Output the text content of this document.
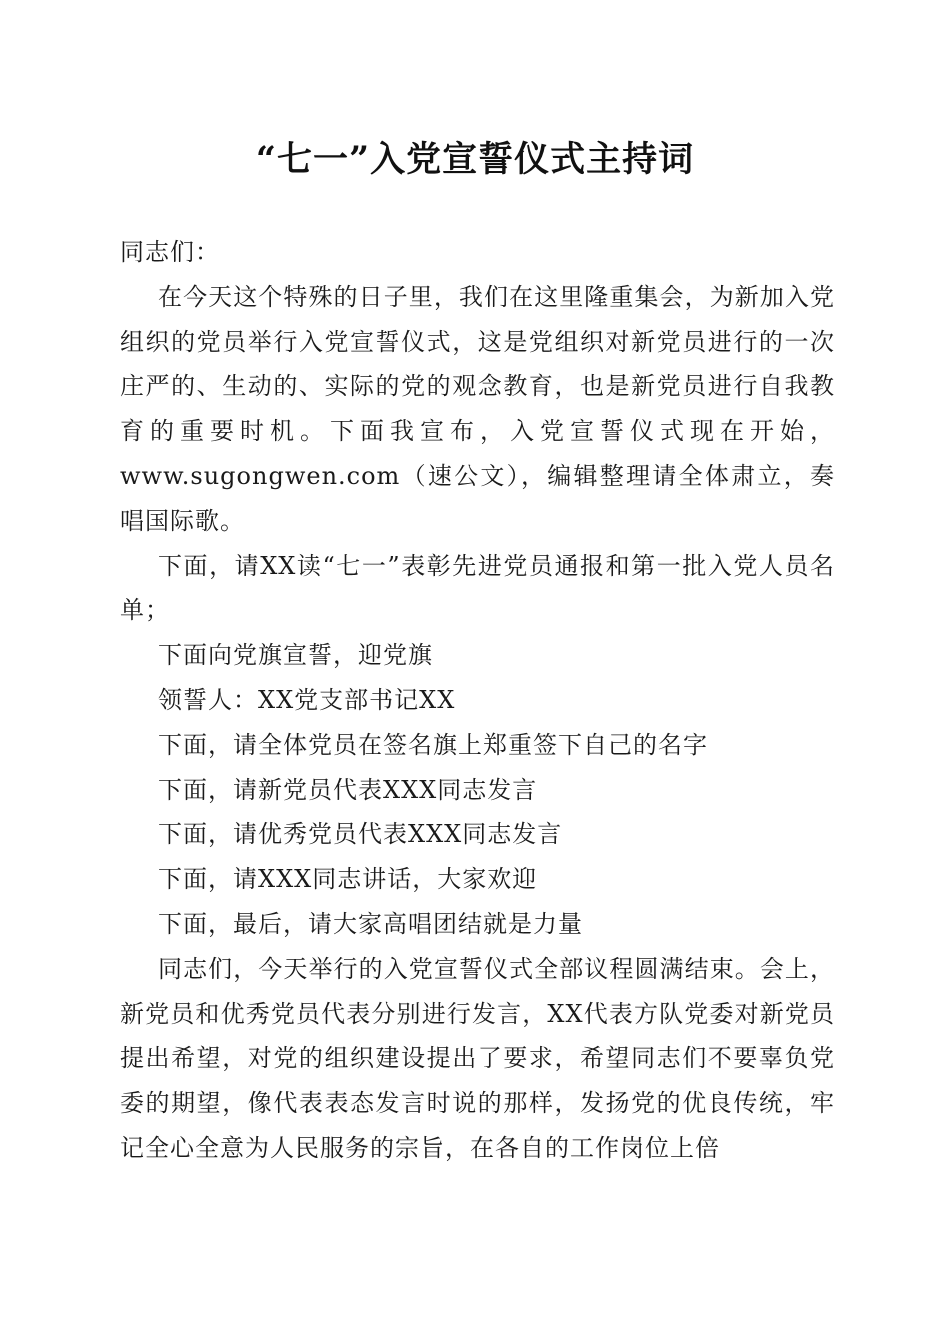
“七一”入党宣誓仪式主持词

同志们：

在今天这个特殊的日子里，我们在这里隆重集会，为新加入党组织的党员举行入党宣誓仪式，这是党组织对新党员进行的一次庄严的、生动的、实际的党的观念教育，也是新党员进行自我教育的重要时机。下面我宣布，入党宣誓仪式现在开始，www.sugongwen.com（速公文），编辑整理请全体肃立，奏唱国际歌。

下面，请XX读“七一”表彰先进党员通报和第一批入党人员名单；

下面向党旗宣誓，迎党旗

领誓人：XX党支部书记XX

下面，请全体党员在签名旗上郑重签下自己的名字

下面，请新党员代表XXX同志发言

下面，请优秀党员代表XXX同志发言

下面，请XXX同志讲话，大家欢迎

下面，最后，请大家高唱团结就是力量

同志们，今天举行的入党宣誓仪式全部议程圆满结束。会上，新党员和优秀党员代表分别进行发言，XX代表方队党委对新党员提出希望，对党的组织建设提出了要求，希望同志们不要辜负党委的期望，像代表表态发言时说的那样，发扬党的优良传统，牢记全心全意为人民服务的宗旨，在各自的工作岗位上倍
